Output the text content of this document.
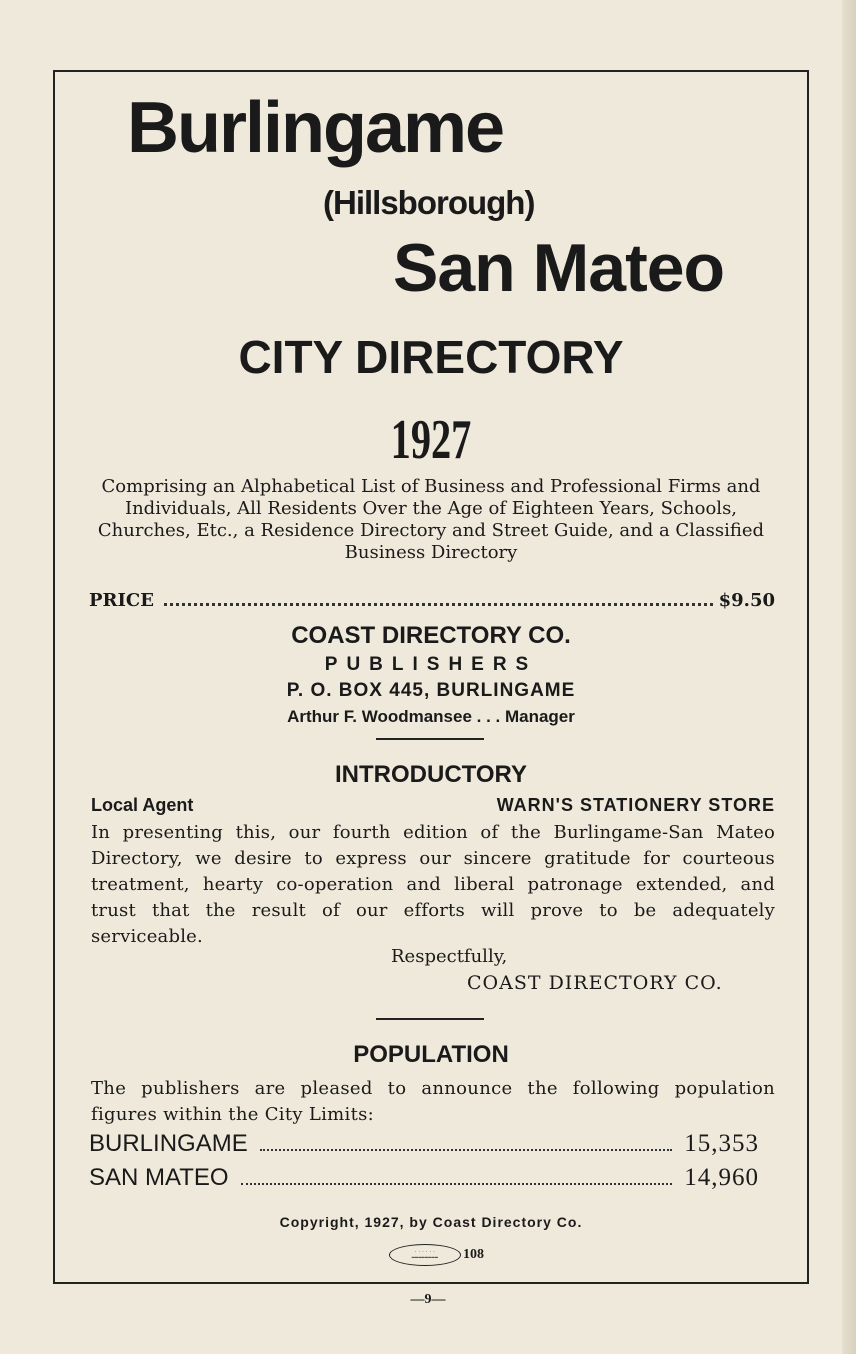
Burlingame
(Hillsborough)
San Mateo
CITY DIRECTORY
1927

Comprising an Alphabetical List of Business and Professional Firms and Individuals, All Residents Over the Age of Eighteen Years, Schools, Churches, Etc., a Residence Directory and Street Guide, and a Classified Business Directory

PRICE	$9.50
COAST DIRECTORY CO.
PUBLISHERS
P. O. BOX 445, BURLINGAME
Arthur F. Woodmansee . . . Manager
INTRODUCTORY
Local Agent	WARN'S STATIONERY STORE

In presenting this, our fourth edition of the Burlingame-San Mateo Directory, we desire to express our sincere gratitude for courteous treatment, hearty co-operation and liberal patronage extended, and trust that the result of our efforts will prove to be adequately serviceable.

Respectfully,
COAST DIRECTORY CO.
POPULATION

The publishers are pleased to announce the following population figures within the City Limits:

BURLINGAME	15,353
SAN MATEO	14,960
Copyright, 1927, by Coast Directory Co.
· · · · · ·
━━━━━━━━	108
—9—
